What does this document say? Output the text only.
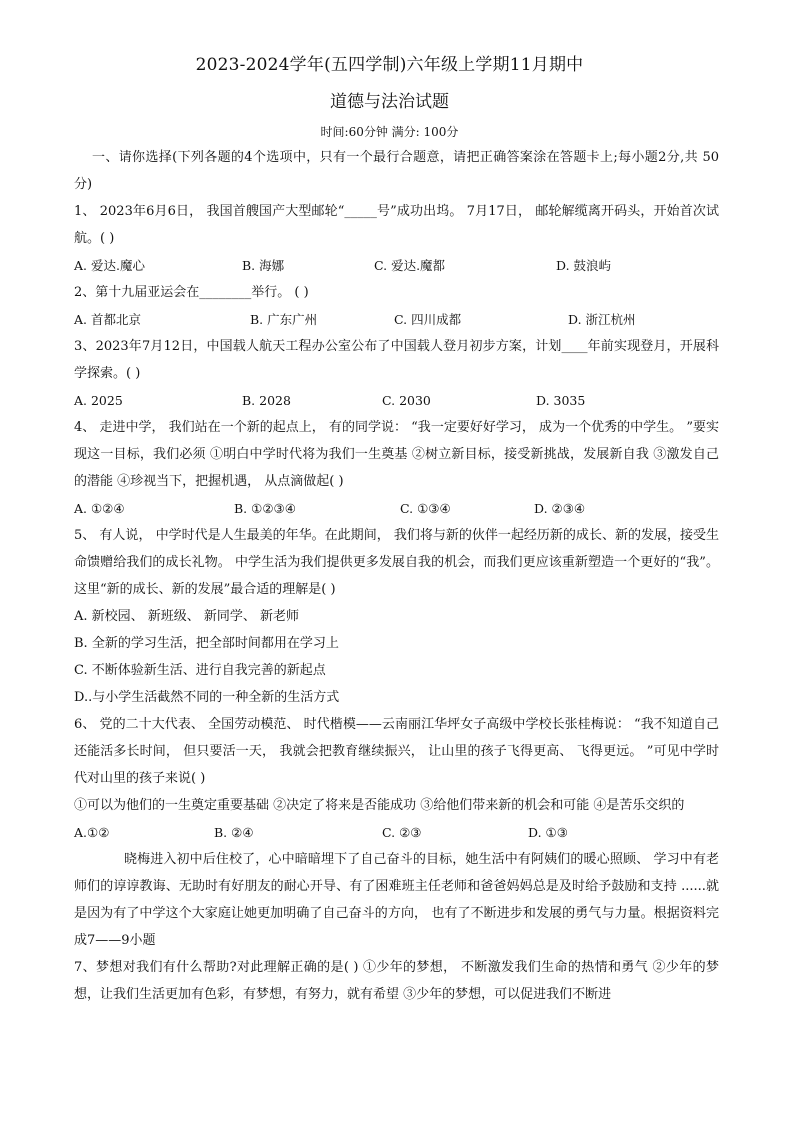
2023-2024学年(五四学制)六年级上学期11月期中
道德与法治试题
时间:60分钟 满分: 100分

一、请你选择(下列各题的4个选项中，只有一个最行合题意，请把正确答案涂在答题卡上;每小题2分,共 50 分)

1、 2023年6月6日， 我国首艘国产大型邮轮“_____号”成功出坞。 7月17日， 邮轮解缆离开码头，开始首次试航。( )

A. 爱达.魔心	B. 海娜	C. 爱达.魔都	D. 鼓浪屿

2、第十九届亚运会在________举行。 ( )

A. 首都北京	B. 广东广州	C. 四川成都	D. 浙江杭州

3、2023年7月12日，中国载人航天工程办公室公布了中国载人登月初步方案，计划____年前实现登月，开展科学探索。( )

A. 2025	B. 2028	C. 2030	D. 3035

4、 走进中学， 我们站在一个新的起点上， 有的同学说： “我一定要好好学习， 成为一个优秀的中学生。 ”要实现这一目标，我们必须 ①明白中学时代将为我们一生奠基 ②树立新目标，接受新挑战，发展新自我 ③激发自己的潜能 ④珍视当下，把握机遇， 从点滴做起( )

A. ①②④	B. ①②③④	C. ①③④	D. ②③④

5、 有人说， 中学时代是人生最美的年华。在此期间， 我们将与新的伙伴一起经历新的成长、新的发展，接受生命馈赠给我们的成长礼物。 中学生活为我们提供更多发展自我的机会，而我们更应该重新塑造一个更好的“我”。这里“新的成长、新的发展”最合适的理解是( )

A. 新校园、 新班级、 新同学、 新老师

B. 全新的学习生活，把全部时间都用在学习上

C. 不断体验新生活、进行自我完善的新起点

D..与小学生活截然不同的一种全新的生活方式

6、 党的二十大代表、 全国劳动模范、 时代楷模——云南丽江华坪女子高级中学校长张桂梅说： “我不知道自己还能活多长时间， 但只要活一天， 我就会把教育继续振兴， 让山里的孩子飞得更高、 飞得更远。 ”可见中学时代对山里的孩子来说( )

①可以为他们的一生奠定重要基础 ②决定了将来是否能成功 ③给他们带来新的机会和可能 ④是苦乐交织的

A.①②	B. ②④	C. ②③	D. ①③

晓梅进入初中后住校了，心中暗暗埋下了自己奋斗的目标，她生活中有阿姨们的暖心照顾、 学习中有老师们的谆谆教诲、无助时有好朋友的耐心开导、有了困难班主任老师和爸爸妈妈总是及时给予鼓励和支持 ......就是因为有了中学这个大家庭让她更加明确了自己奋斗的方向， 也有了不断进步和发展的勇气与力量。根据资料完成7——9小题

7、梦想对我们有什么帮助?对此理解正确的是( ) ①少年的梦想， 不断激发我们生命的热情和勇气 ②少年的梦想，让我们生活更加有色彩，有梦想，有努力，就有希望 ③少年的梦想，可以促进我们不断进
